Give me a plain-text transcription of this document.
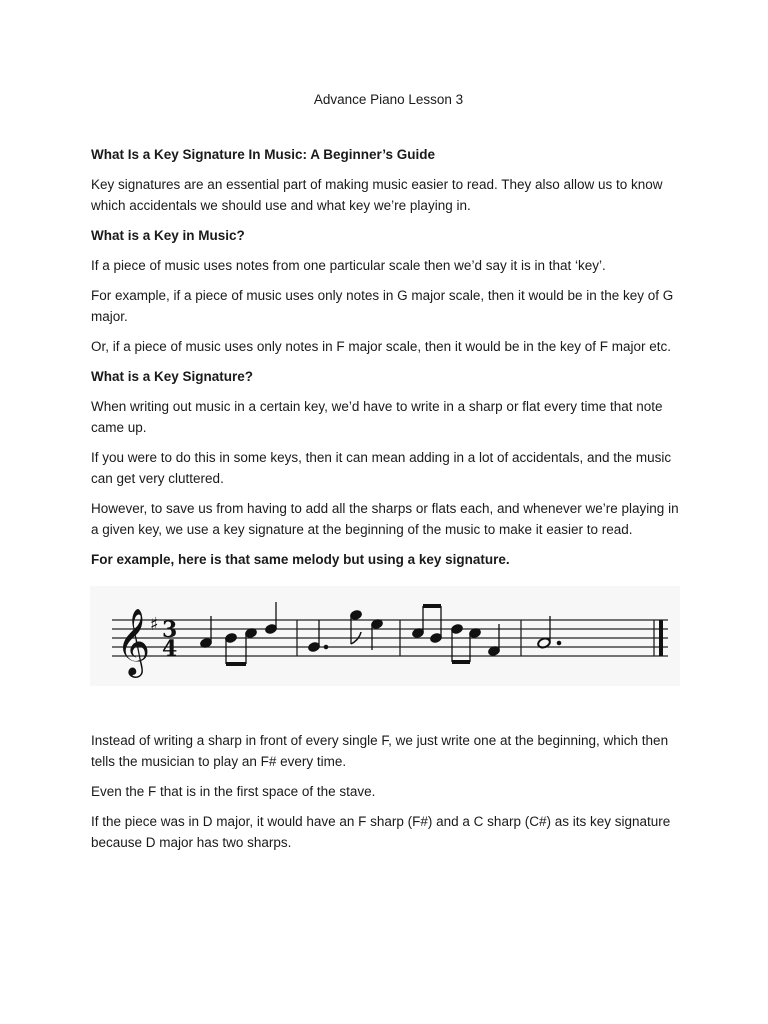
Advance Piano Lesson 3
What Is a Key Signature In Music: A Beginner’s Guide
Key signatures are an essential part of making music easier to read. They also allow us to know which accidentals we should use and what key we’re playing in.
What is a Key in Music?
If a piece of music uses notes from one particular scale then we’d say it is in that ‘key’.
For example, if a piece of music uses only notes in G major scale, then it would be in the key of G major.
Or, if a piece of music uses only notes in F major scale, then it would be in the key of F major etc.
What is a Key Signature?
When writing out music in a certain key, we’d have to write in a sharp or flat every time that note came up.
If you were to do this in some keys, then it can mean adding in a lot of accidentals, and the music can get very cluttered.
However, to save us from having to add all the sharps or flats each, and whenever we’re playing in a given key, we use a key signature at the beginning of the music to make it easier to read.
For example, here is that same melody but using a key signature.
𝄞 ♯ 3
4
Instead of writing a sharp in front of every single F, we just write one at the beginning, which then tells the musician to play an F# every time.
Even the F that is in the first space of the stave.
If the piece was in D major, it would have an F sharp (F#) and a C sharp (C#) as its key signature because D major has two sharps.
